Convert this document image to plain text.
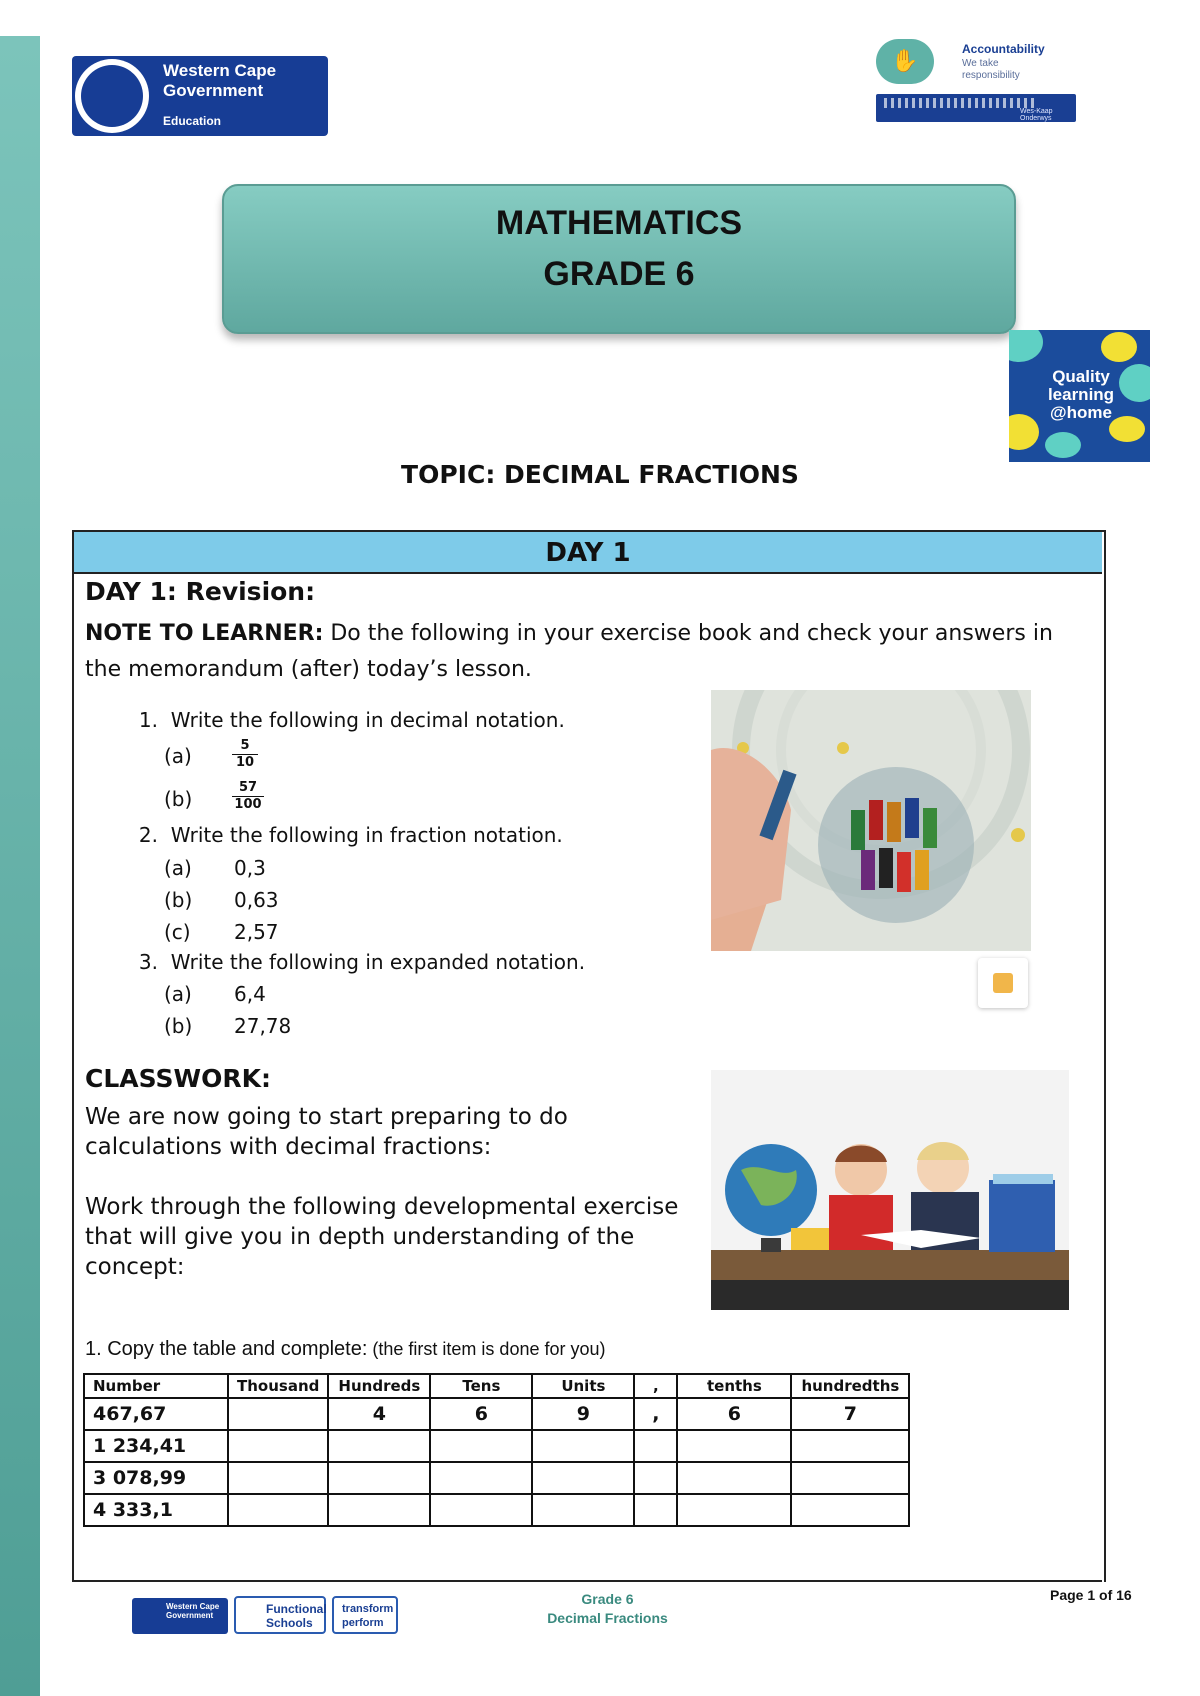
Western Cape
Government
Education
✋	Accountability
We take
responsibility
Wes-Kaap Onderwys
MATHEMATICS
GRADE 6
Quality
learning
@home
TOPIC: DECIMAL FRACTIONS
DAY 1
DAY 1: Revision:
NOTE TO LEARNER: Do the following in your exercise book and check your answers in the memorandum (after) today’s lesson.
1. Write the following in decimal notation.
(a)	$\frac{5}{10}$
(b)	$\frac{57}{100}$
2. Write the following in fraction notation.
(a) 0,3
(b) 0,63
(c) 2,57
3. Write the following in expanded notation.
(a) 6,4
(b) 27,78
CLASSWORK:
We are now going to start preparing to do
calculations with decimal fractions:
Work through the following developmental exercise
that will give you in depth understanding of the
concept:
1. Copy the table and complete: (the first item is done for you)
Number	Thousand	Hundreds	Tens	Units	,	tenths	hundredths
467,67		4	6	9	,	6	7
1 234,41							
3 078,99							
4 333,1							
Western Cape Government	Functional Schools
transform perform
Grade 6
Decimal Fractions
Page 1 of 16
